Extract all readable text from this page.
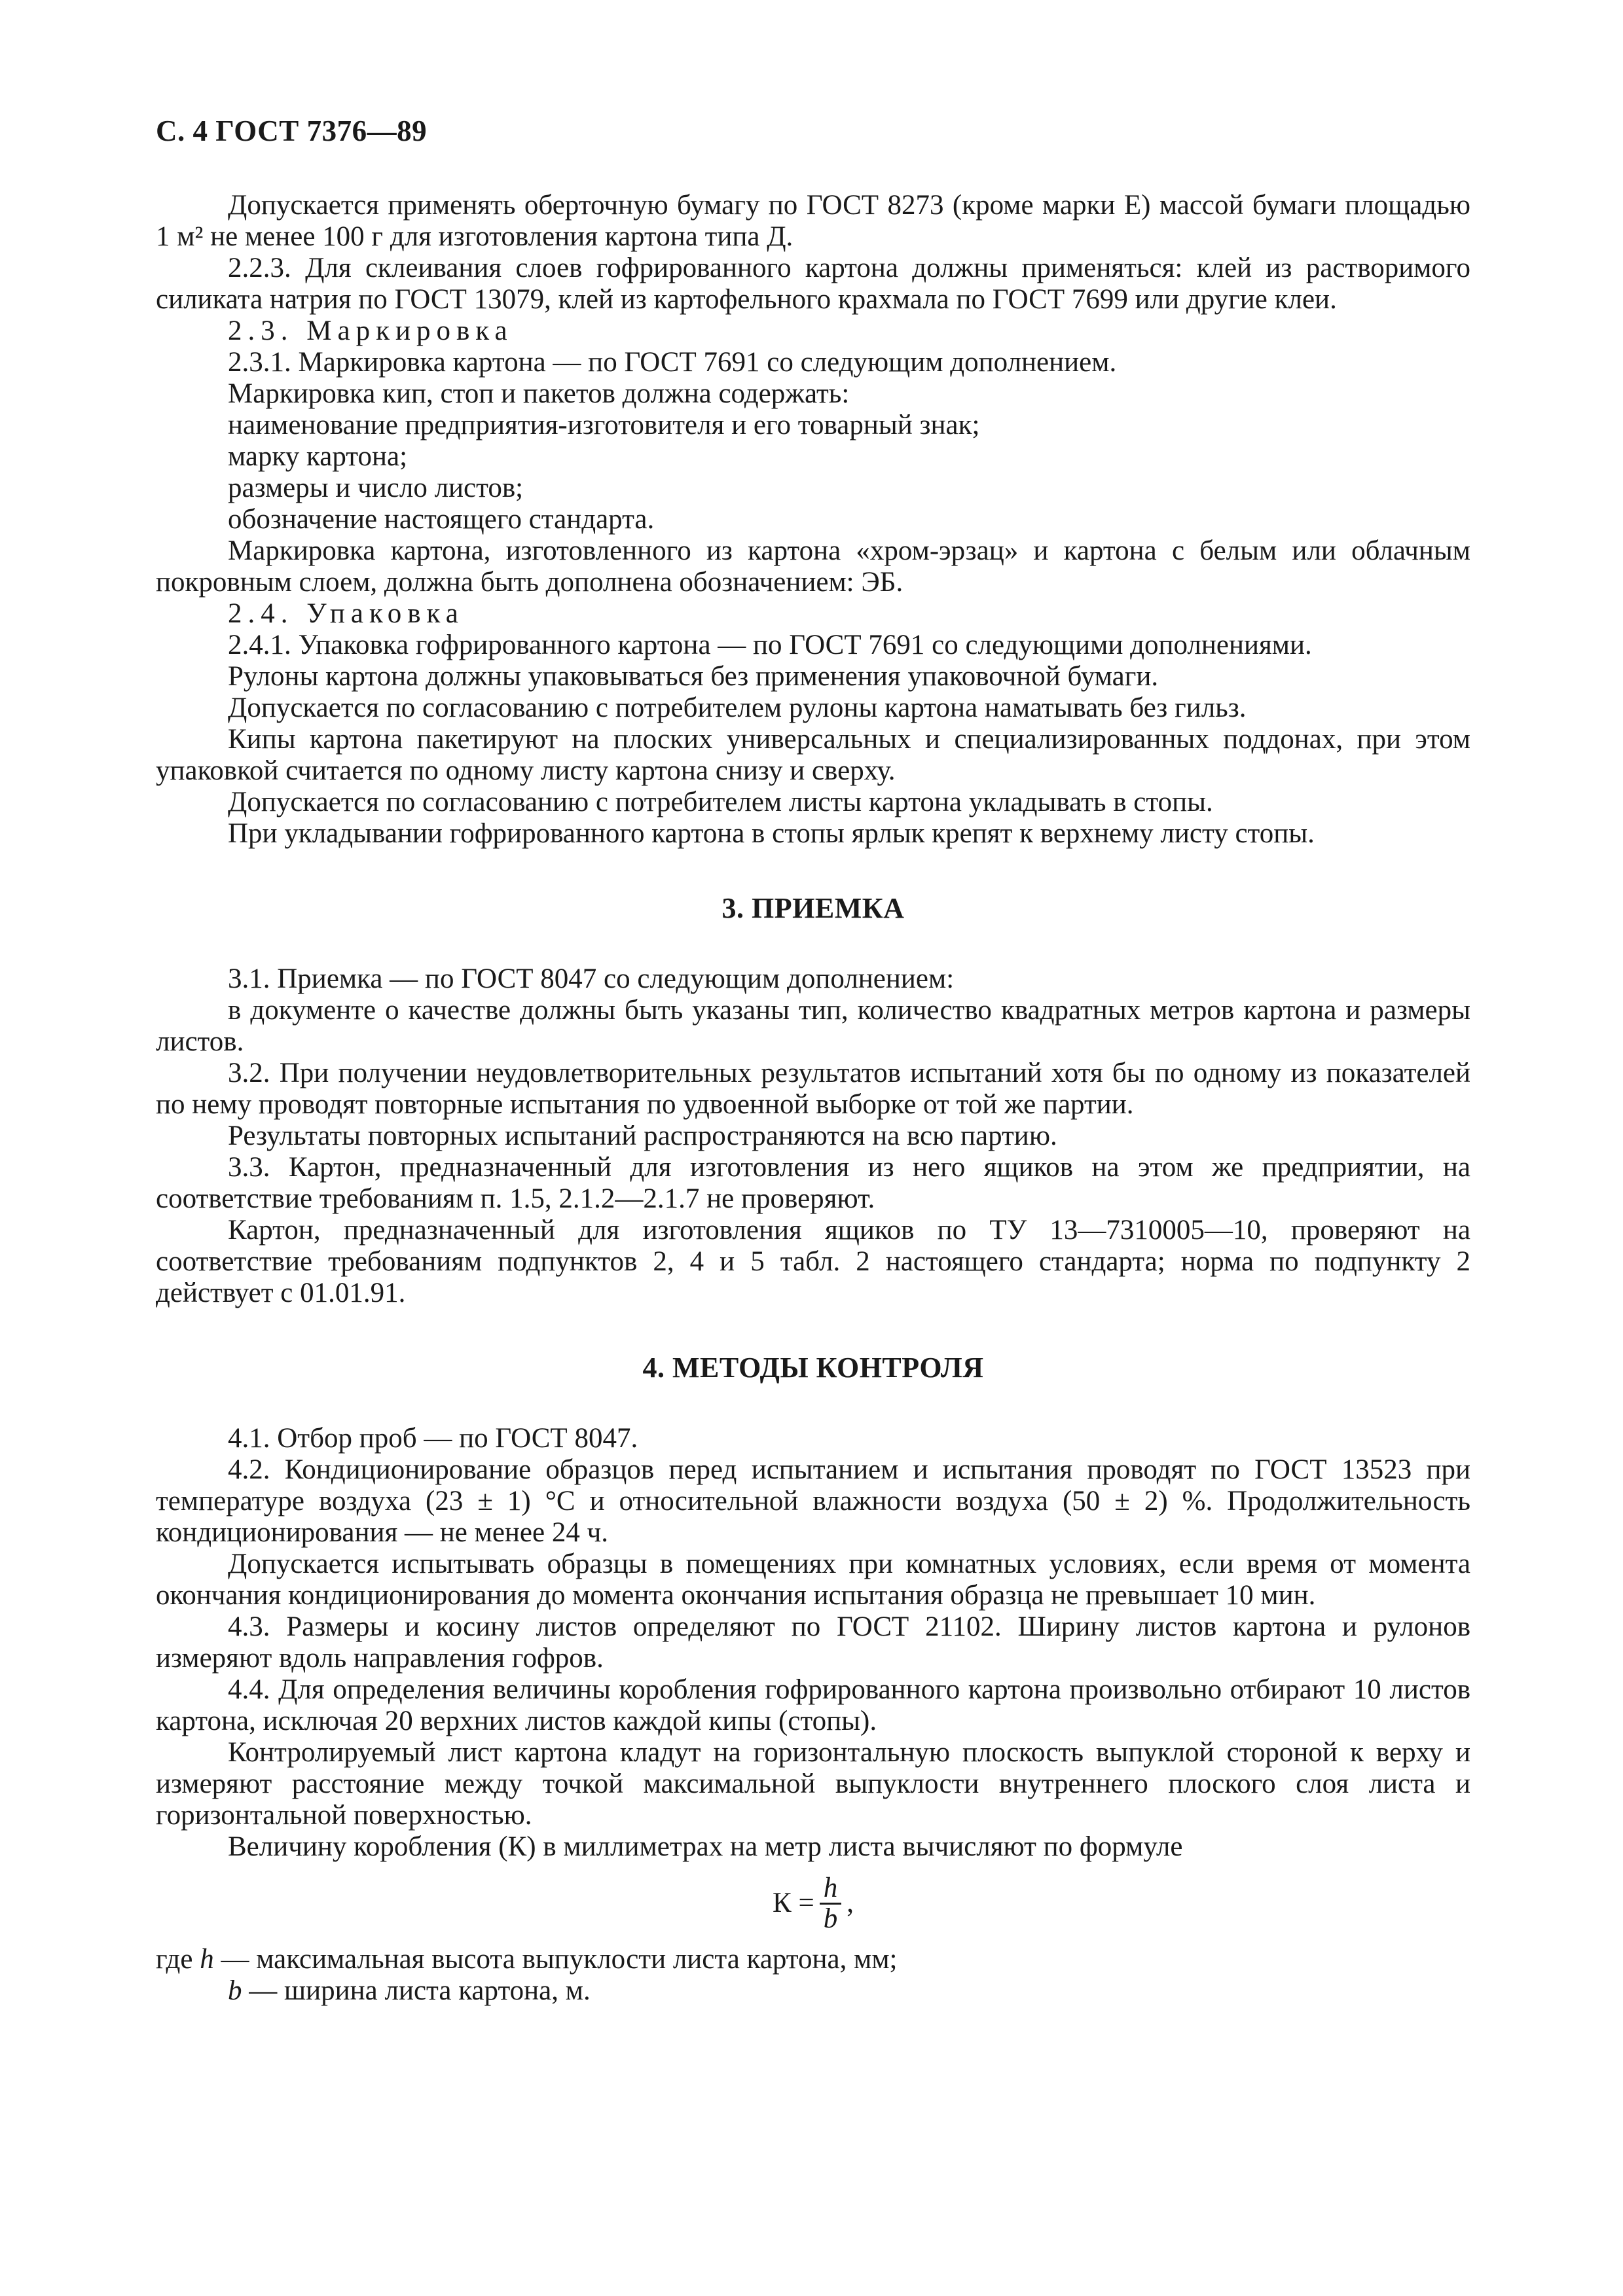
С. 4 ГОСТ 7376—89

Допускается применять оберточную бумагу по ГОСТ 8273 (кроме марки Е) массой бумаги площадью 1 м² не менее 100 г для изготовления картона типа Д.

2.2.3. Для склеивания слоев гофрированного картона должны применяться: клей из растворимого силиката натрия по ГОСТ 13079, клей из картофельного крахмала по ГОСТ 7699 или другие клеи.

2.3. Маркировка

2.3.1. Маркировка картона — по ГОСТ 7691 со следующим дополнением.

Маркировка кип, стоп и пакетов должна содержать:

наименование предприятия-изготовителя и его товарный знак;

марку картона;

размеры и число листов;

обозначение настоящего стандарта.

Маркировка картона, изготовленного из картона «хром-эрзац» и картона с белым или облачным покровным слоем, должна быть дополнена обозначением: ЭБ.

2.4. Упаковка

2.4.1. Упаковка гофрированного картона — по ГОСТ 7691 со следующими дополнениями.

Рулоны картона должны упаковываться без применения упаковочной бумаги.

Допускается по согласованию с потребителем рулоны картона наматывать без гильз.

Кипы картона пакетируют на плоских универсальных и специализированных поддонах, при этом упаковкой считается по одному листу картона снизу и сверху.

Допускается по согласованию с потребителем листы картона укладывать в стопы.

При укладывании гофрированного картона в стопы ярлык крепят к верхнему листу стопы.

3. ПРИЕМКА

3.1. Приемка — по ГОСТ 8047 со следующим дополнением:

в документе о качестве должны быть указаны тип, количество квадратных метров картона и размеры листов.

3.2. При получении неудовлетворительных результатов испытаний хотя бы по одному из показателей по нему проводят повторные испытания по удвоенной выборке от той же партии.

Результаты повторных испытаний распространяются на всю партию.

3.3. Картон, предназначенный для изготовления из него ящиков на этом же предприятии, на соответствие требованиям п. 1.5, 2.1.2—2.1.7 не проверяют.

Картон, предназначенный для изготовления ящиков по ТУ 13—7310005—10, проверяют на соответствие требованиям подпунктов 2, 4 и 5 табл. 2 настоящего стандарта; норма по подпункту 2 действует с 01.01.91.

4. МЕТОДЫ КОНТРОЛЯ

4.1. Отбор проб — по ГОСТ 8047.

4.2. Кондиционирование образцов перед испытанием и испытания проводят по ГОСТ 13523 при температуре воздуха (23 ± 1) °С и относительной влажности воздуха (50 ± 2) %. Продолжительность кондиционирования — не менее 24 ч.

Допускается испытывать образцы в помещениях при комнатных условиях, если время от момента окончания кондиционирования до момента окончания испытания образца не превышает 10 мин.

4.3. Размеры и косину листов определяют по ГОСТ 21102. Ширину листов картона и рулонов измеряют вдоль направления гофров.

4.4. Для определения величины коробления гофрированного картона произвольно отбирают 10 листов картона, исключая 20 верхних листов каждой кипы (стопы).

Контролируемый лист картона кладут на горизонтальную плоскость выпуклой стороной к верху и измеряют расстояние между точкой максимальной выпуклости внутреннего плоского слоя листа и горизонтальной поверхностью.

Величину коробления (К) в миллиметрах на метр листа вычисляют по формуле

$К = \frac{h}{b}$ ,

где h — максимальная высота выпуклости листа картона, мм;

b — ширина листа картона, м.
